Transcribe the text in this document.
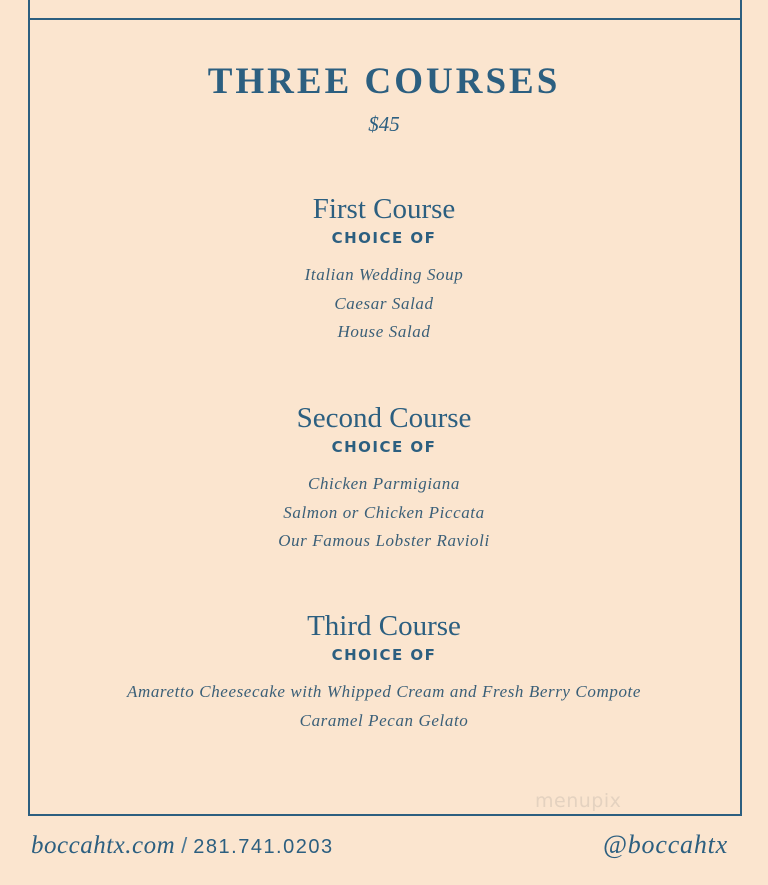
THREE COURSES
$45
First Course
CHOICE OF
Italian Wedding Soup
Caesar Salad
House Salad
Second Course
CHOICE OF
Chicken Parmigiana
Salmon or Chicken Piccata
Our Famous Lobster Ravioli
Third Course
CHOICE OF
Amaretto Cheesecake with Whipped Cream and Fresh Berry Compote
Caramel Pecan Gelato
menupix
boccahtx.com / 281.741.0203	@boccahtx
